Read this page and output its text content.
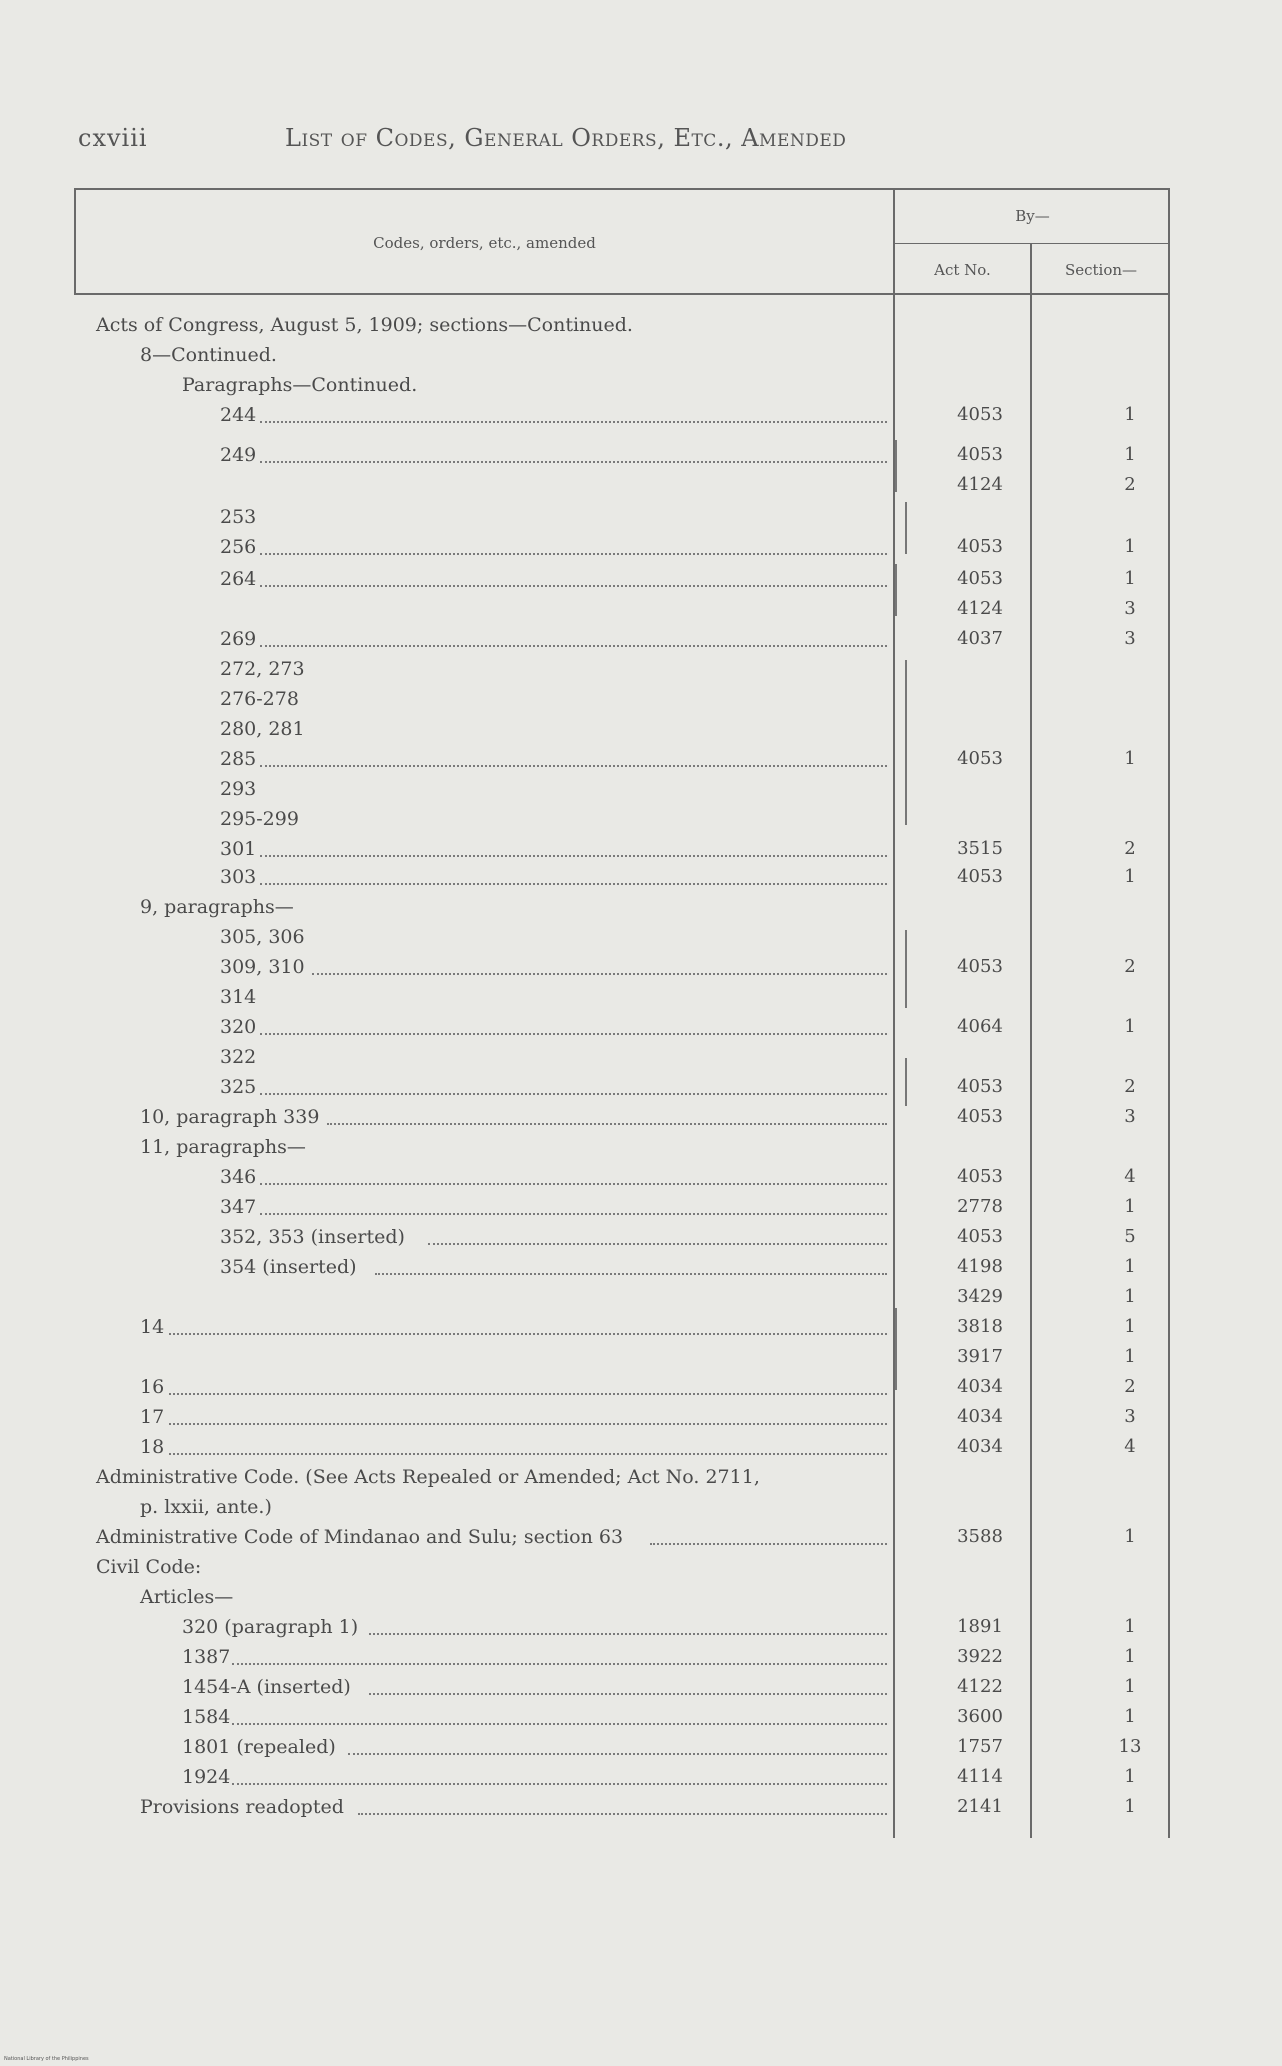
cxviii	List of Codes, General Orders, Etc., Amended
Codes, orders, etc., amended
By—
Act No.	Section—
Acts of Congress, August 5, 1909; sections—Continued.
8—Continued.
Paragraphs—Continued.
244	4053	1
249	4053	1
4124	2
253
256	4053	1
264	4053	1
4124	3
269	4037	3
272, 273
276-278
280, 281
285	4053	1
293
295-299
301	3515	2
303	4053	1
9, paragraphs—
305, 306
309, 310	4053	2
314
320	4064	1
322
325	4053	2
10, paragraph 339	4053	3
11, paragraphs—
346	4053	4
347	2778	1
352, 353 (inserted)	4053	5
354 (inserted)	4198	1
3429	1
14	3818	1
3917	1
16	4034	2
17	4034	3
18	4034	4
Administrative Code. (See Acts Repealed or Amended; Act No. 2711,
p. lxxii, ante.)
Administrative Code of Mindanao and Sulu; section 63	3588	1
Civil Code:
Articles—
320 (paragraph 1)	1891	1
1387	3922	1
1454-A (inserted)	4122	1
1584	3600	1
1801 (repealed)	1757	13
1924	4114	1
Provisions readopted	2141	1
National Library of the Philippines
